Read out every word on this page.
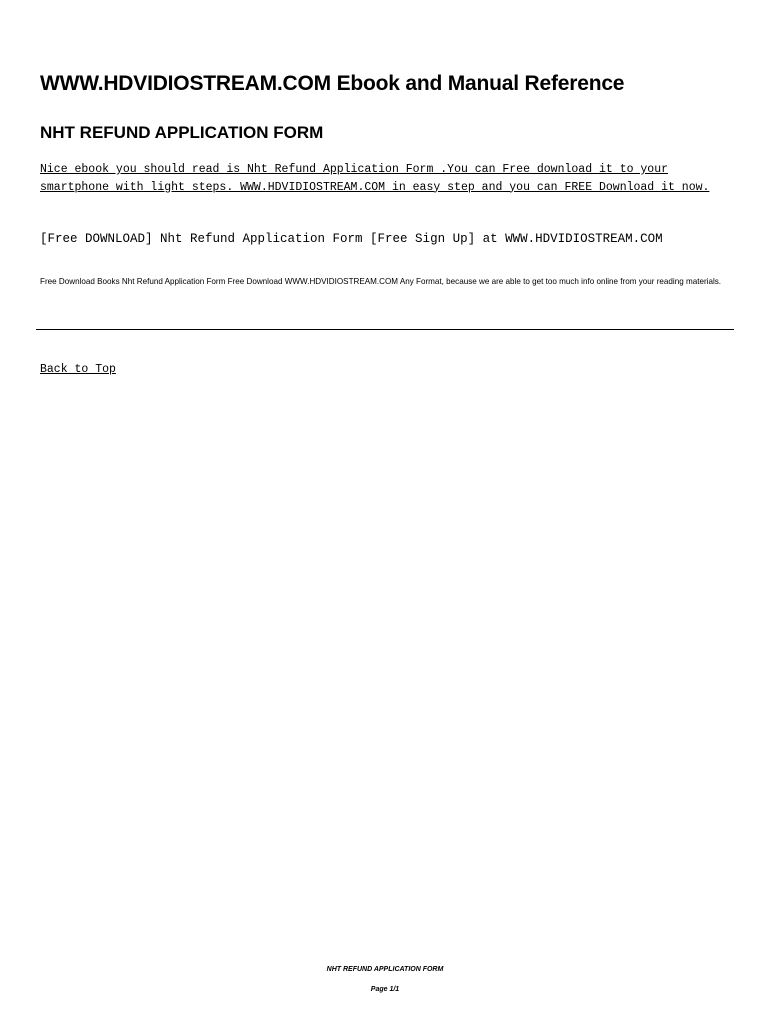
WWW.HDVIDIOSTREAM.COM Ebook and Manual Reference
NHT REFUND APPLICATION FORM
Nice ebook you should read is Nht Refund Application Form .You can Free download it to your smartphone with light steps. WWW.HDVIDIOSTREAM.COM in easy step and you can FREE Download it now.

[Free DOWNLOAD] Nht Refund Application Form [Free Sign Up] at WWW.HDVIDIOSTREAM.COM

Free Download Books Nht Refund Application Form Free Download WWW.HDVIDIOSTREAM.COM Any Format, because we are able to get too much info online from your reading materials.

Back to Top

NHT REFUND APPLICATION FORM

Page 1/1
